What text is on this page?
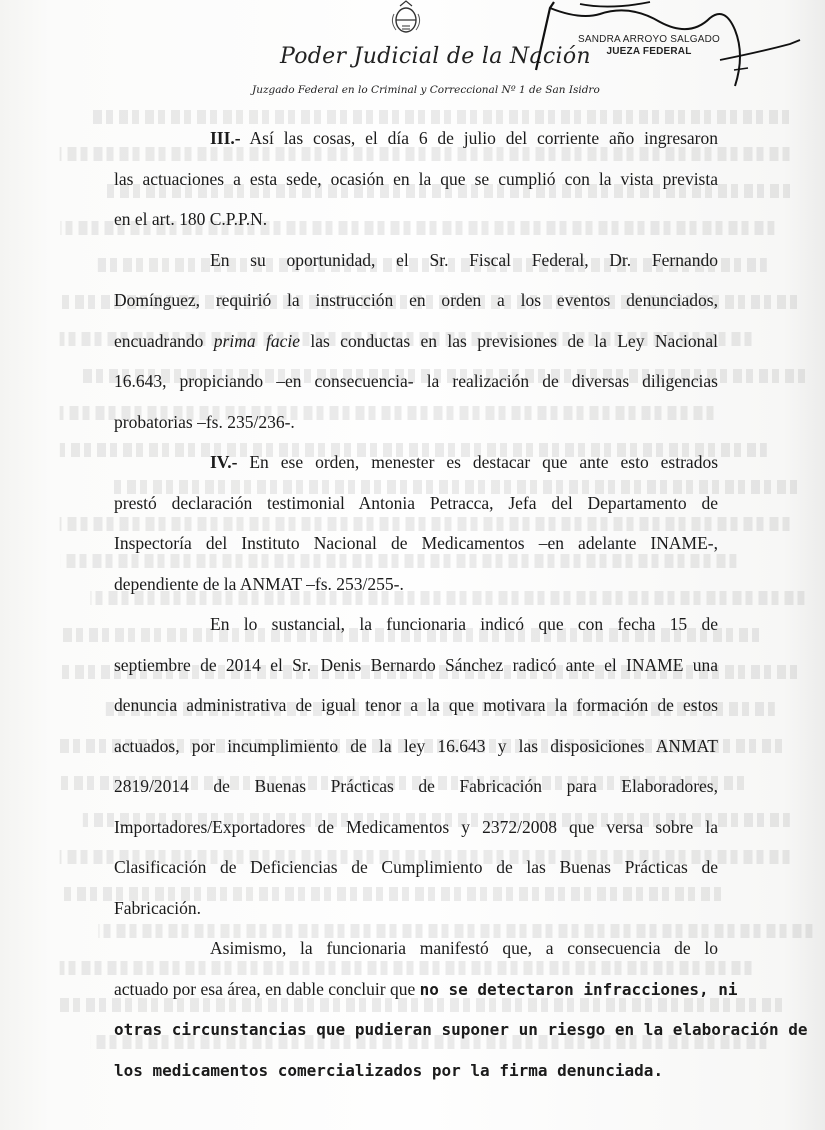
Poder Judicial de la Nación
Juzgado Federal en lo Criminal y Correccional Nº 1 de San Isidro
SANDRA ARROYO SALGADO
JUEZA FEDERAL
III.- Así las cosas, el día 6 de julio del corriente año ingresaron
las actuaciones a esta sede, ocasión en la que se cumplió con la vista prevista
en el art. 180 C.P.P.N.
En su oportunidad, el Sr. Fiscal Federal, Dr. Fernando
Domínguez, requirió la instrucción en orden a los eventos denunciados,
encuadrando prima facie las conductas en las previsiones de la Ley Nacional
16.643, propiciando –en consecuencia- la realización de diversas diligencias
probatorias –fs. 235/236-.
IV.- En ese orden, menester es destacar que ante esto estrados
prestó declaración testimonial Antonia Petracca, Jefa del Departamento de
Inspectoría del Instituto Nacional de Medicamentos –en adelante INAME-,
dependiente de la ANMAT –fs. 253/255-.
En lo sustancial, la funcionaria indicó que con fecha 15 de
septiembre de 2014 el Sr. Denis Bernardo Sánchez radicó ante el INAME una
denuncia administrativa de igual tenor a la que motivara la formación de estos
actuados, por incumplimiento de la ley 16.643 y las disposiciones ANMAT
2819/2014 de Buenas Prácticas de Fabricación para Elaboradores,
Importadores/Exportadores de Medicamentos y 2372/2008 que versa sobre la
Clasificación de Deficiencias de Cumplimiento de las Buenas Prácticas de
Fabricación.
Asimismo, la funcionaria manifestó que, a consecuencia de lo
actuado por esa área, en dable concluir que no se detectaron infracciones, ni
otras circunstancias que pudieran suponer un riesgo en la elaboración de
los medicamentos comercializados por la firma denunciada.
